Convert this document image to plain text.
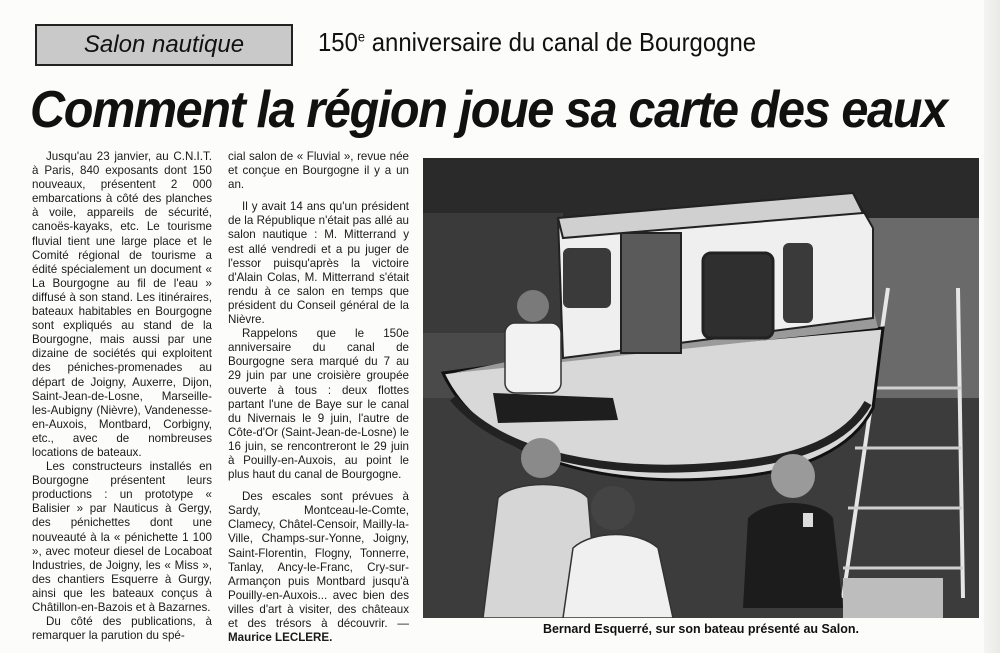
Salon nautique	150e anniversaire du canal de Bourgogne
Comment la région joue sa carte des eaux

Jusqu'au 23 janvier, au C.N.I.T. à Paris, 840 exposants dont 150 nouveaux, présentent 2 000 embarcations à côté des planches à voile, appareils de sécurité, canoës-kayaks, etc. Le tourisme fluvial tient une large place et le Comité régional de tourisme a édité spécialement un document « La Bourgogne au fil de l'eau » diffusé à son stand. Les itinéraires, bateaux habitables en Bourgogne sont expliqués au stand de la Bourgogne, mais aussi par une dizaine de sociétés qui exploitent des péniches-promenades au départ de Joigny, Auxerre, Dijon, Saint-Jean-de-Losne, Marseille-les-Aubigny (Nièvre), Vandenesse-en-Auxois, Montbard, Corbigny, etc., avec de nombreuses locations de bateaux.

Les constructeurs installés en Bourgogne présentent leurs productions : un prototype « Balisier » par Nauticus à Gergy, des pénichettes dont une nouveauté à la « pénichette 1 100 », avec moteur diesel de Locaboat Industries, de Joigny, les « Miss », des chantiers Esquerre à Gurgy, ainsi que les bateaux conçus à Châtillon-en-Bazois et à Bazarnes.

Du côté des publications, à remarquer la parution du spé-

cial salon de « Fluvial », revue née et conçue en Bourgogne il y a un an.

Il y avait 14 ans qu'un président de la République n'était pas allé au salon nautique : M. Mitterrand y est allé vendredi et a pu juger de l'essor puisqu'après la victoire d'Alain Colas, M. Mitterrand s'était rendu à ce salon en temps que président du Conseil général de la Nièvre.

Rappelons que le 150e anniversaire du canal de Bourgogne sera marqué du 7 au 29 juin par une croisière groupée ouverte à tous : deux flottes partant l'une de Baye sur le canal du Nivernais le 9 juin, l'autre de Côte-d'Or (Saint-Jean-de-Losne) le 16 juin, se rencontreront le 29 juin à Pouilly-en-Auxois, au point le plus haut du canal de Bourgogne.

Des escales sont prévues à Sardy, Montceau-le-Comte, Clamecy, Châtel-Censoir, Mailly-la-Ville, Champs-sur-Yonne, Joigny, Saint-Florentin, Flogny, Tonnerre, Tanlay, Ancy-le-Franc, Cry-sur-Armançon puis Montbard jusqu'à Pouilly-en-Auxois... avec bien des villes d'art à visiter, des châteaux et des trésors à découvrir. — Maurice LECLERE.

Bernard Esquerré, sur son bateau présenté au Salon.
